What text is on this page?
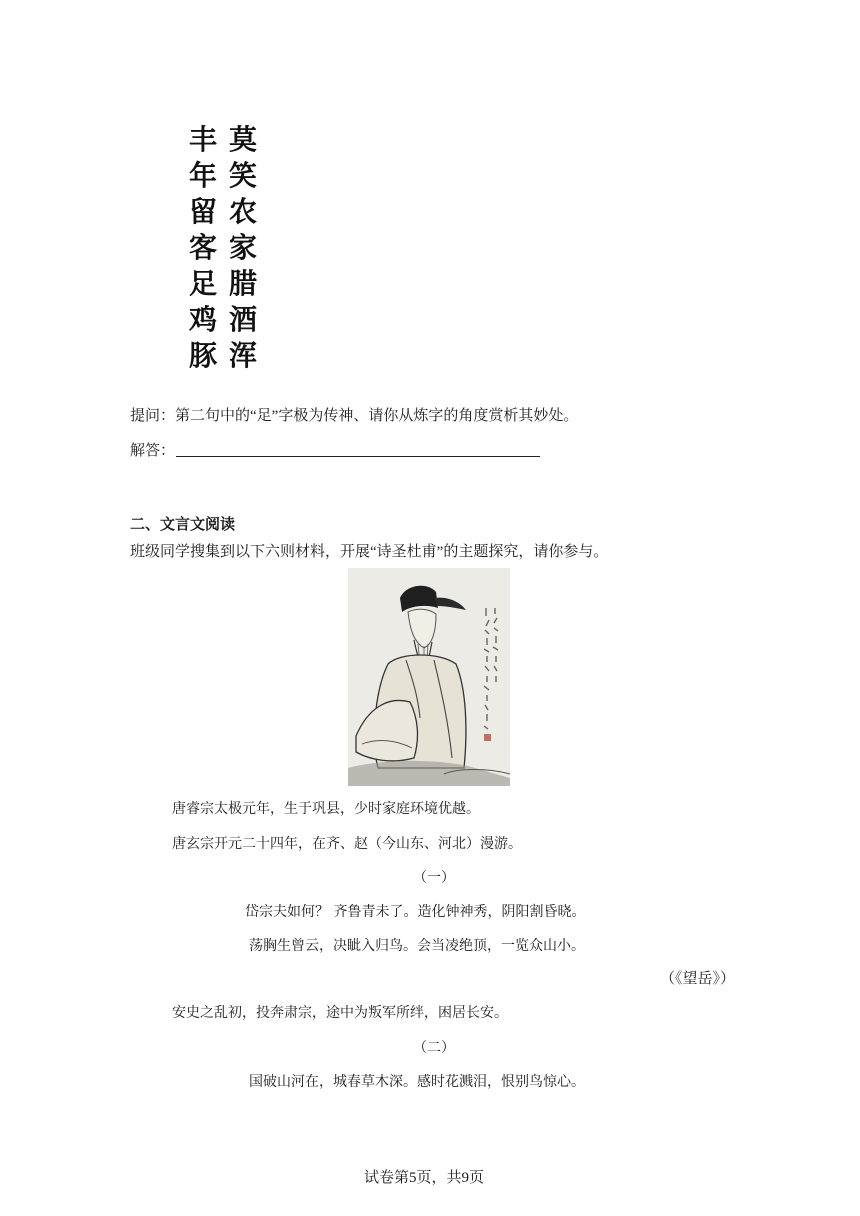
莫
笑
农
家
腊
酒
浑
丰
年
留
客
足
鸡
豚
提问：第二句中的“足”字极为传神、请你从炼字的角度赏析其妙处。
解答：
二、文言文阅读
班级同学搜集到以下六则材料，开展“诗圣杜甫”的主题探究，请你参与。
唐睿宗太极元年，生于巩县，少时家庭环境优越。
唐玄宗开元二十四年，在齐、赵（今山东、河北）漫游。
（一）
岱宗夫如何？ 齐鲁青未了。造化钟神秀，阴阳割昏晓。
荡胸生曾云，决眦入归鸟。会当凌绝顶，一览众山小。
（《望岳》）
安史之乱初，投奔肃宗，途中为叛军所绊，困居长安。
（二）
国破山河在，城春草木深。感时花溅泪，恨别鸟惊心。
试卷第5页，共9页
